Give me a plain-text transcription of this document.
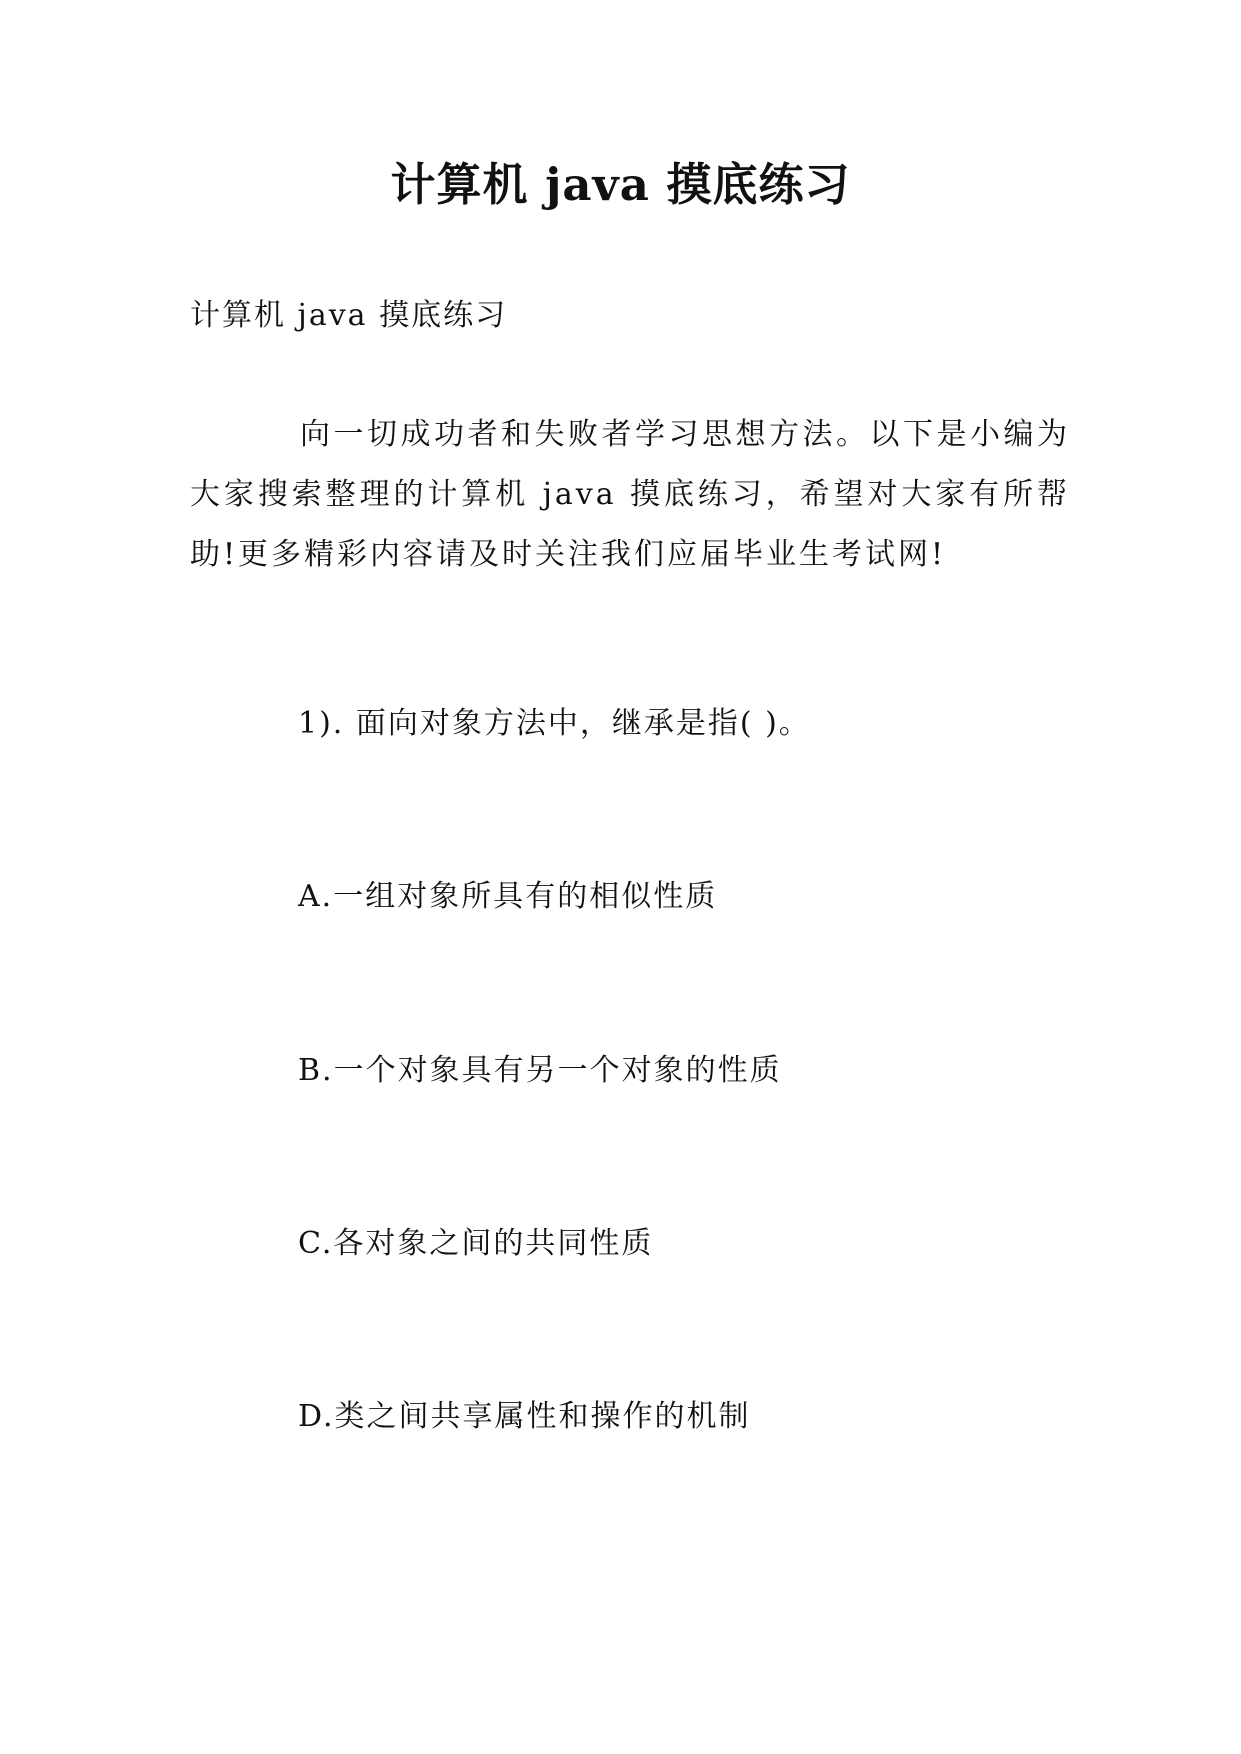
计算机 java 摸底练习
计算机 java 摸底练习
向一切成功者和失败者学习思想方法。以下是小编为大家搜索整理的计算机 java 摸底练习，希望对大家有所帮助!更多精彩内容请及时关注我们应届毕业生考试网!
1). 面向对象方法中，继承是指( )。
A.一组对象所具有的相似性质
B.一个对象具有另一个对象的性质
C.各对象之间的共同性质
D.类之间共享属性和操作的机制
